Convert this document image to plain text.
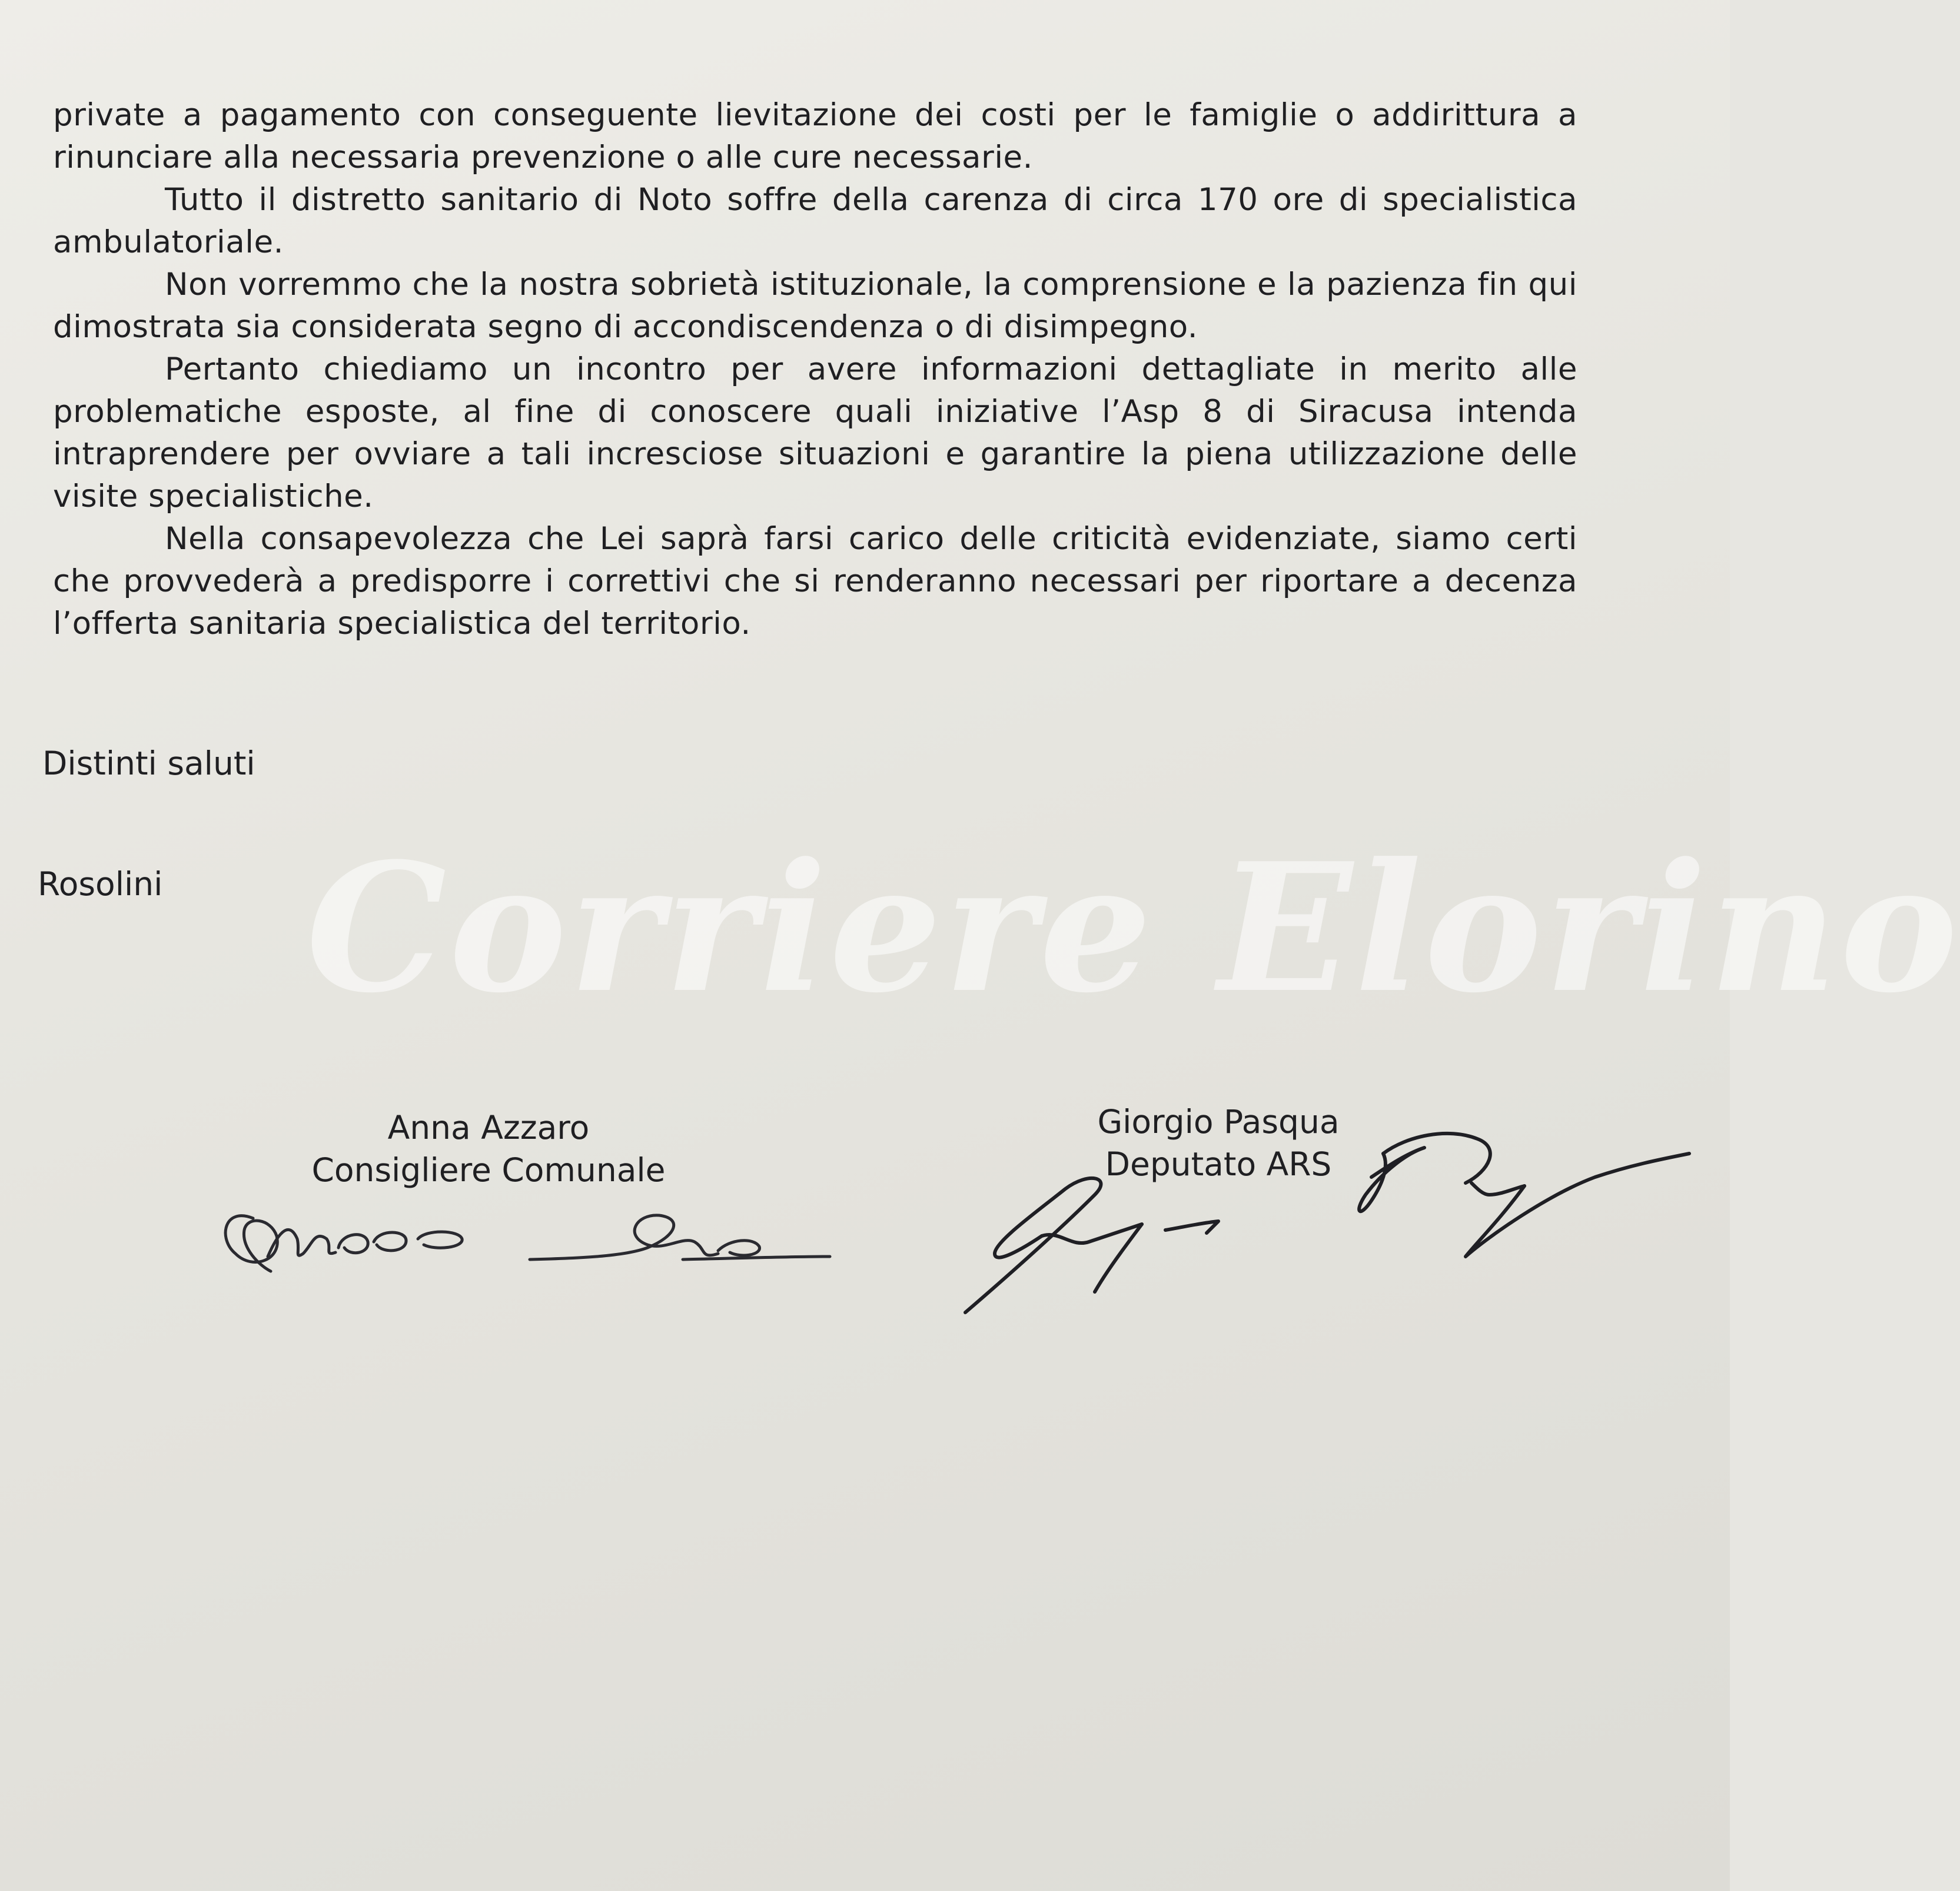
Corriere Elorino

private a pagamento con conseguente lievitazione dei costi per le famiglie o addirittura a rinunciare alla necessaria prevenzione o alle cure necessarie.

Tutto il distretto sanitario di Noto soffre della carenza di circa 170 ore di specialistica ambulatoriale.

Non vorremmo che la nostra sobrietà istituzionale, la comprensione e la pazienza fin qui dimostrata sia considerata segno di accondiscendenza o di disimpegno.

Pertanto chiediamo un incontro per avere informazioni dettagliate in merito alle problematiche esposte, al fine di conoscere quali iniziative l’Asp 8 di Siracusa intenda intraprendere per ovviare a tali incresciose situazioni e garantire la piena utilizzazione delle visite specialistiche.

Nella consapevolezza che Lei saprà farsi carico delle criticità evidenziate, siamo certi che provvederà a predisporre i correttivi che si renderanno necessari per riportare a decenza l’offerta sanitaria specialistica del territorio.

Distinti saluti

Rosolini

Anna Azzaro
Consigliere Comunale
Giorgio Pasqua
Deputato ARS
